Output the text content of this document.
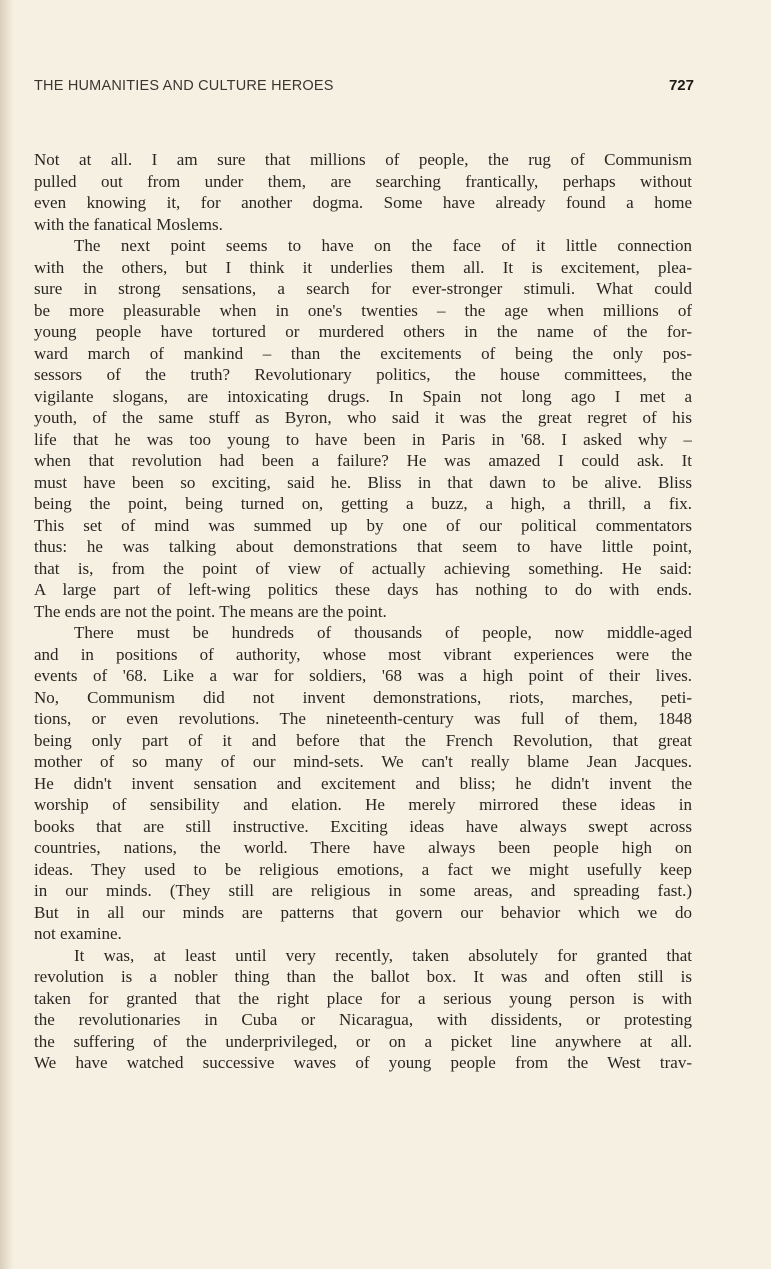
THE HUMANITIES AND CULTURE HEROES	727
Not at all. I am sure that millions of people, the rug of Communism
pulled out from under them, are searching frantically, perhaps without
even knowing it, for another dogma. Some have already found a home
with the fanatical Moslems.
The next point seems to have on the face of it little connection
with the others, but I think it underlies them all. It is excitement, plea-
sure in strong sensations, a search for ever-stronger stimuli. What could
be more pleasurable when in one's twenties – the age when millions of
young people have tortured or murdered others in the name of the for-
ward march of mankind – than the excitements of being the only pos-
sessors of the truth? Revolutionary politics, the house committees, the
vigilante slogans, are intoxicating drugs. In Spain not long ago I met a
youth, of the same stuff as Byron, who said it was the great regret of his
life that he was too young to have been in Paris in '68. I asked why –
when that revolution had been a failure? He was amazed I could ask. It
must have been so exciting, said he. Bliss in that dawn to be alive. Bliss
being the point, being turned on, getting a buzz, a high, a thrill, a fix.
This set of mind was summed up by one of our political commentators
thus: he was talking about demonstrations that seem to have little point,
that is, from the point of view of actually achieving something. He said:
A large part of left-wing politics these days has nothing to do with ends.
The ends are not the point. The means are the point.
There must be hundreds of thousands of people, now middle-aged
and in positions of authority, whose most vibrant experiences were the
events of '68. Like a war for soldiers, '68 was a high point of their lives.
No, Communism did not invent demonstrations, riots, marches, peti-
tions, or even revolutions. The nineteenth-century was full of them, 1848
being only part of it and before that the French Revolution, that great
mother of so many of our mind-sets. We can't really blame Jean Jacques.
He didn't invent sensation and excitement and bliss; he didn't invent the
worship of sensibility and elation. He merely mirrored these ideas in
books that are still instructive. Exciting ideas have always swept across
countries, nations, the world. There have always been people high on
ideas. They used to be religious emotions, a fact we might usefully keep
in our minds. (They still are religious in some areas, and spreading fast.)
But in all our minds are patterns that govern our behavior which we do
not examine.
It was, at least until very recently, taken absolutely for granted that
revolution is a nobler thing than the ballot box. It was and often still is
taken for granted that the right place for a serious young person is with
the revolutionaries in Cuba or Nicaragua, with dissidents, or protesting
the suffering of the underprivileged, or on a picket line anywhere at all.
We have watched successive waves of young people from the West trav-
